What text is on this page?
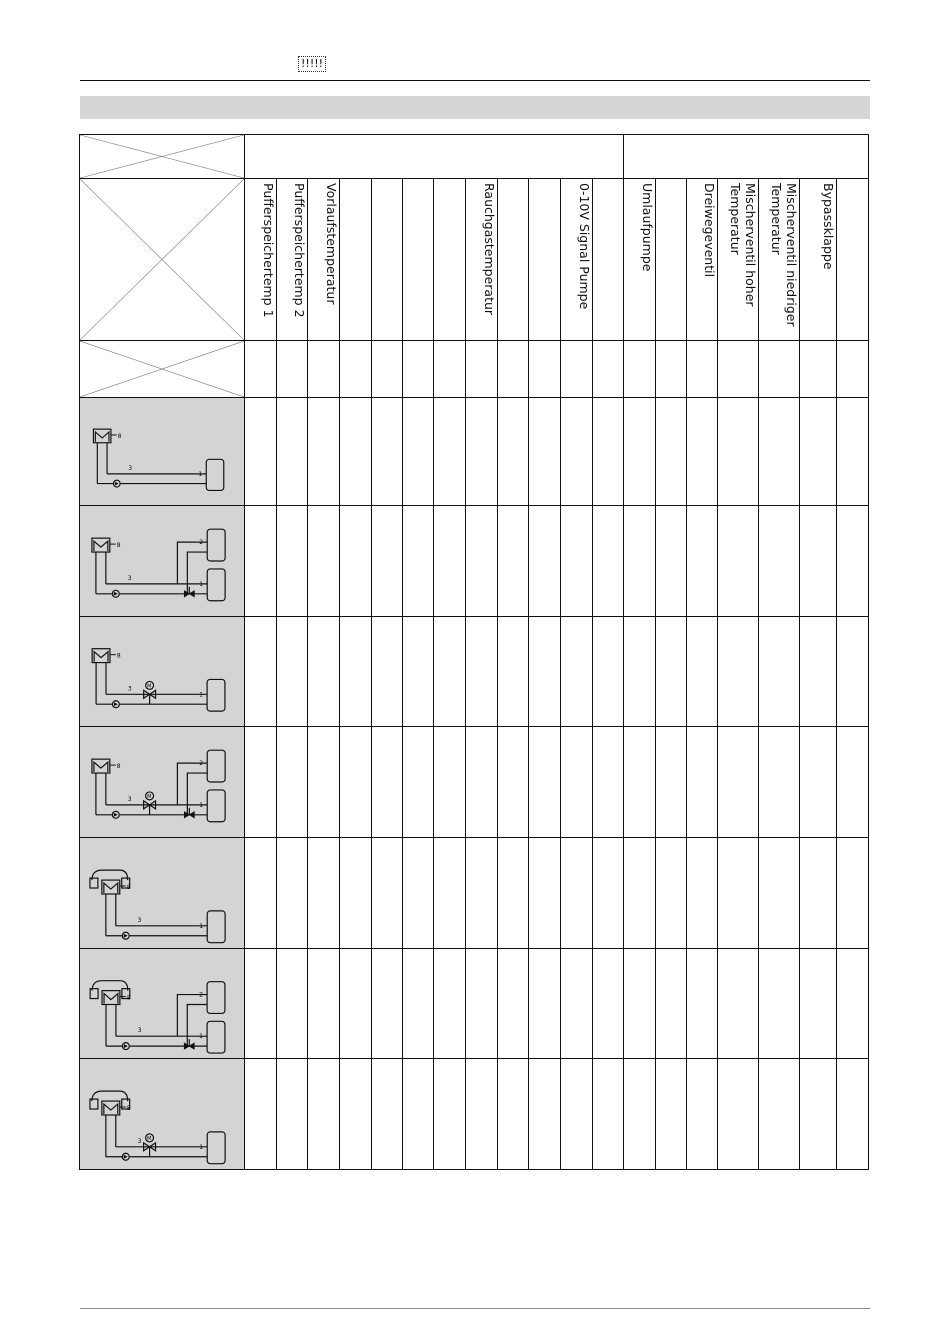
!!!!!

Pufferspeichertemp 1	Pufferspeichertemp 2	Vorlaufstemperatur					Rauchgastemperatur			0-10V Signal Pumpe		Umlaufpumpe		Dreiwegeventil	Mischerventil hoher
Temperatur	Mischerventil niedriger
Temperatur	Bypassklappe	

8
3
1																			

8
3
1
2																			

8
3
1
M																			

8
3
1
M
2																			

8
3
1																			

8
3
1
2																			

8
3
1
M																			
